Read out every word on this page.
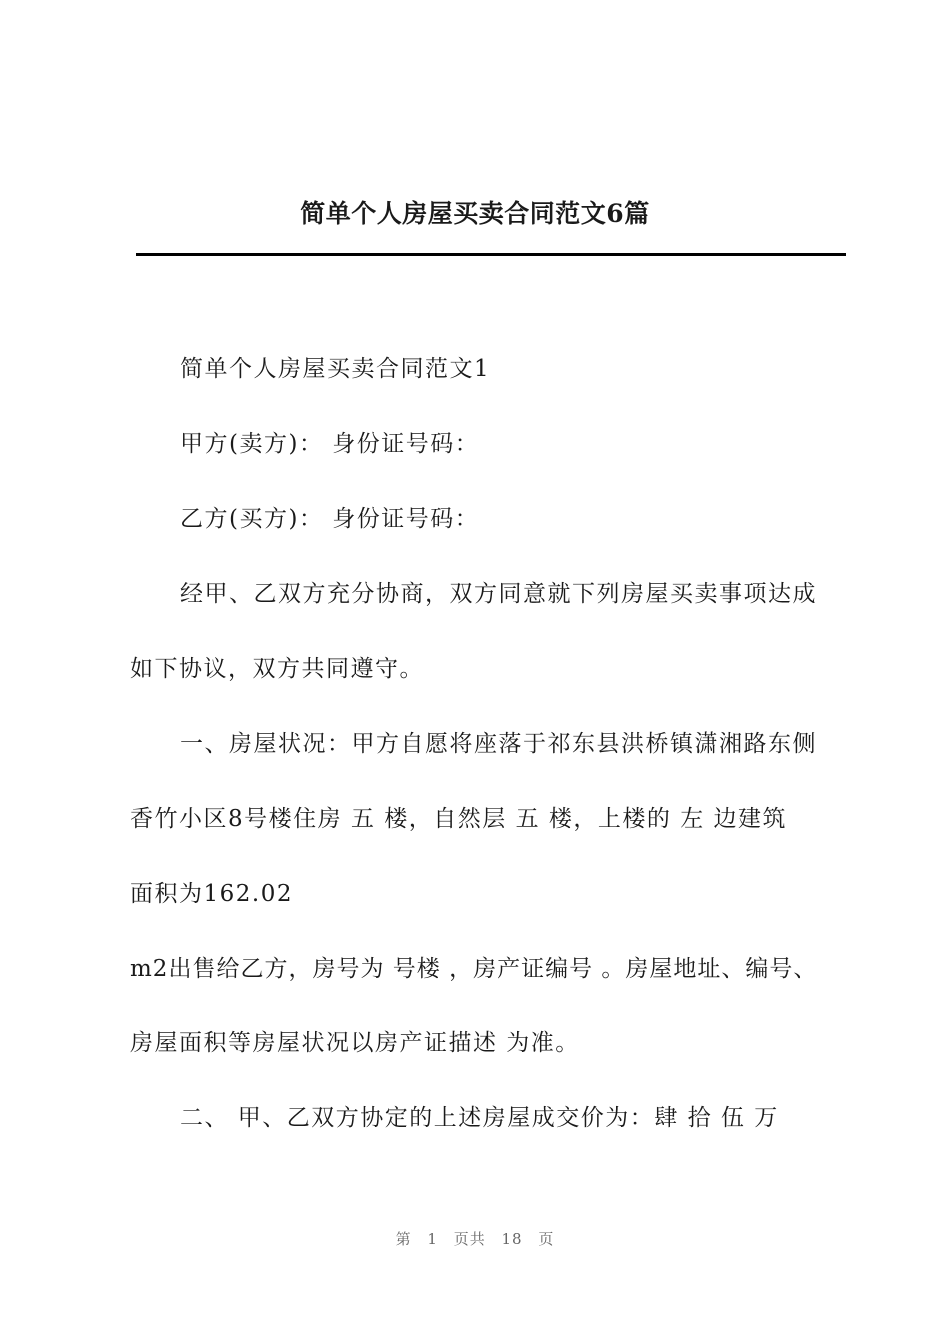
简单个人房屋买卖合同范文6篇
简单个人房屋买卖合同范文1
甲方(卖方)： 身份证号码：
乙方(买方)： 身份证号码：
经甲、乙双方充分协商，双方同意就下列房屋买卖事项达成
如下协议，双方共同遵守。
一、房屋状况：甲方自愿将座落于祁东县洪桥镇潇湘路东侧
香竹小区8号楼住房 五 楼，自然层 五 楼，上楼的 左 边建筑
面积为162.02
m2出售给乙方，房号为 号楼 ，房产证编号 。房屋地址、编号、
房屋面积等房屋状况以房产证描述 为准。
二、 甲、乙双方协定的上述房屋成交价为：肆 拾 伍 万
第 1 页共 18 页
